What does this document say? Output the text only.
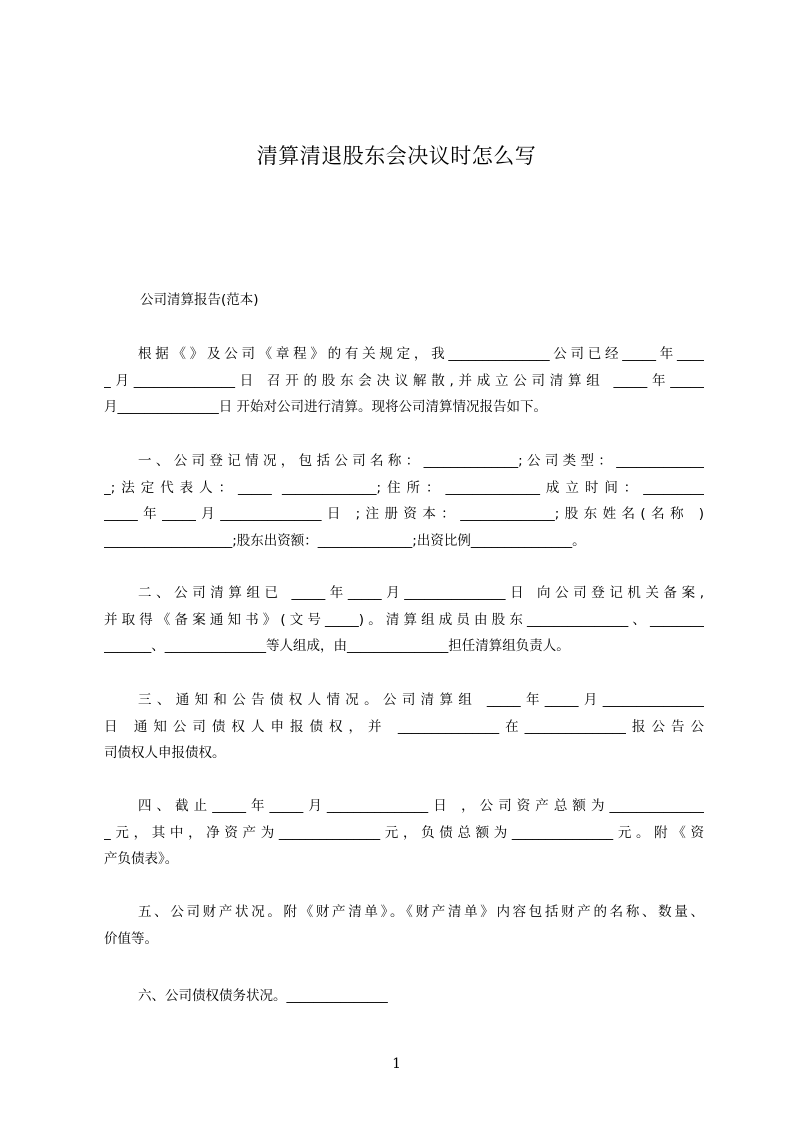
清算清退股东会决议时怎么写
公司清算报告(范本)
根据《》及公司《章程》的有关规定，我_______________公司已经_____年____
_月_______________日 召开的股东会决议解散,并成立公司清算组 _____年_____
月_______________日 开始对公司进行清算。现将公司清算情况报告如下。
一、公司登记情况，包括公司名称：______________;公司类型：_____________
_;法定代表人：_____ ______________;住所：______________成立时间：_________
_____年_____月_______________日 ;注册资本：______________;股东姓名(名称 )
___________________;股东出资额：______________;出资比例_______________。
二、公司清算组已 _____年_____月_______________日 向公司登记机关备案,
并取得《备案通知书》(文号_____)。清算组成员由股东_______________、________
_______、_______________等人组成，由_______________担任清算组负责人。
三、通知和公告债权人情况。公司清算组 _____年_____月_______________
日 通知公司债权人申报债权，并 _______________在_______________报公告公
司债权人申报债权。
四、截止_____年_____月_______________日 ，公司资产总额为______________
_元，其中，净资产为_______________元，负债总额为_______________元。附《资
产负债表》。
五、公司财产状况。附《财产清单》。《财产清单》内容包括财产的名称、数量、
价值等。
六、公司债权债务状况。_______________
1
